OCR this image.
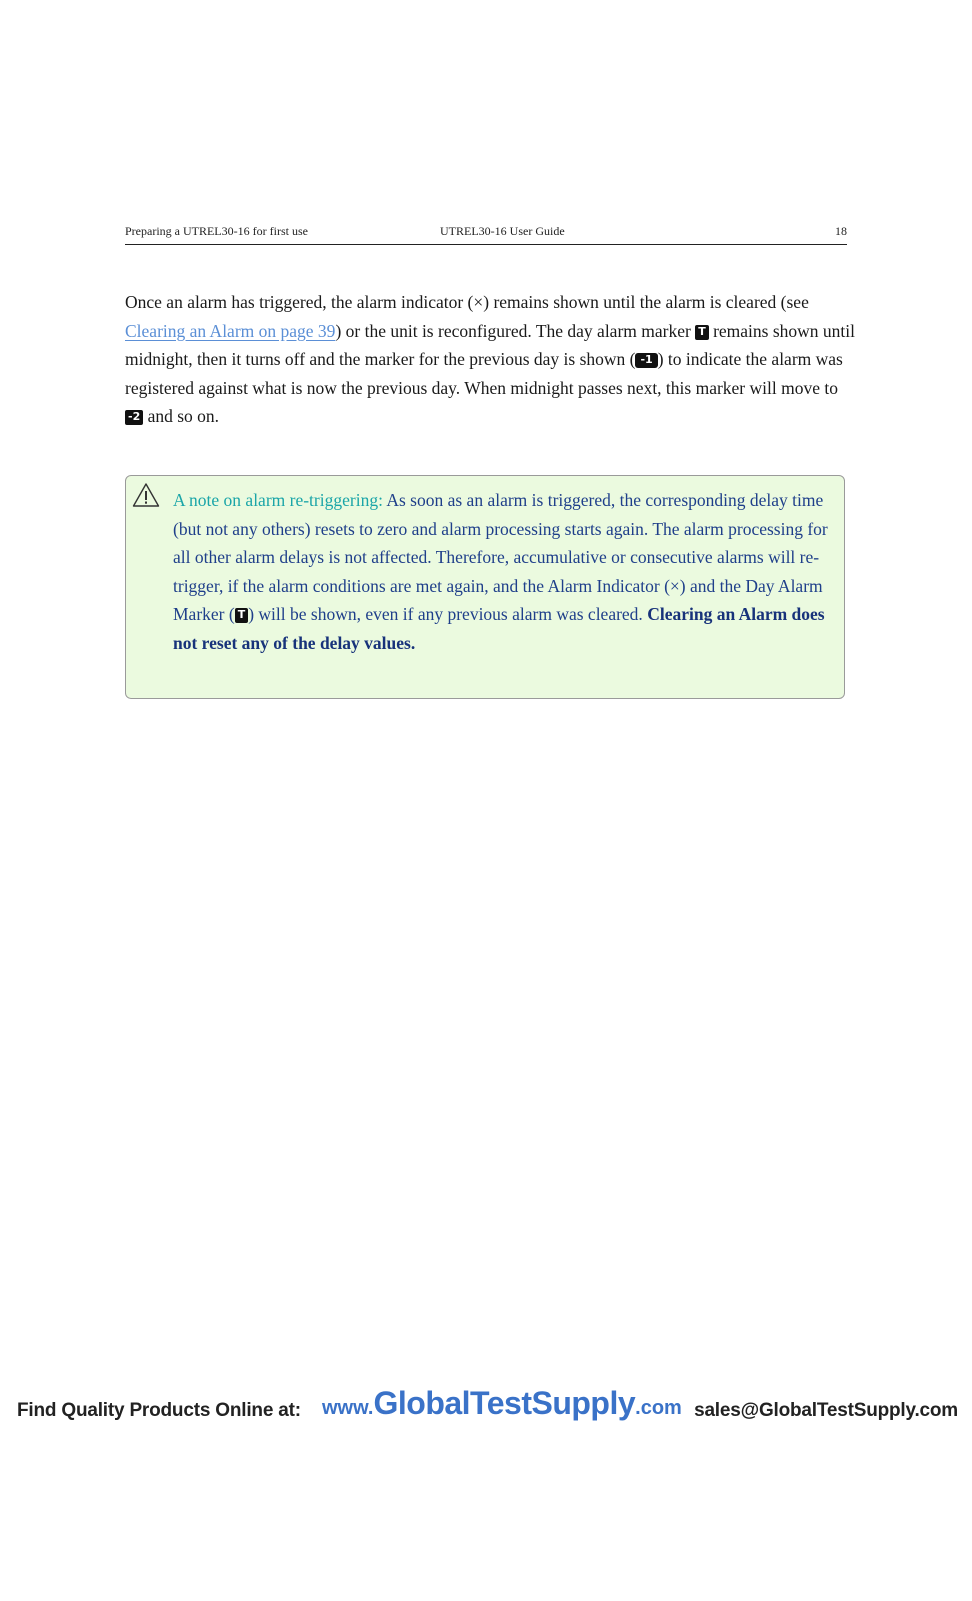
Preparing a UTREL30-16 for first use	UTREL30-16 User Guide	18

Once an alarm has triggered, the alarm indicator (×) remains shown until the alarm is cleared (see Clearing an Alarm on page 39) or the unit is reconfigured. The day alarm marker T remains shown until midnight, then it turns off and the marker for the previous day is shown ( -1 ) to indicate the alarm was registered against what is now the previous day. When midnight passes next, this marker will move to -2 and so on.

A note on alarm re-triggering: As soon as an alarm is triggered, the corresponding delay time (but not any others) resets to zero and alarm processing starts again. The alarm processing for all other alarm delays is not affected. Therefore, accumulative or consecutive alarms will re-trigger, if the alarm conditions are met again, and the Alarm Indicator (×) and the Day Alarm Marker ( T ) will be shown, even if any previous alarm was cleared. Clearing an Alarm does not reset any of the delay values.

Find Quality Products Online at: www.GlobalTestSupply.com sales@GlobalTestSupply.com
